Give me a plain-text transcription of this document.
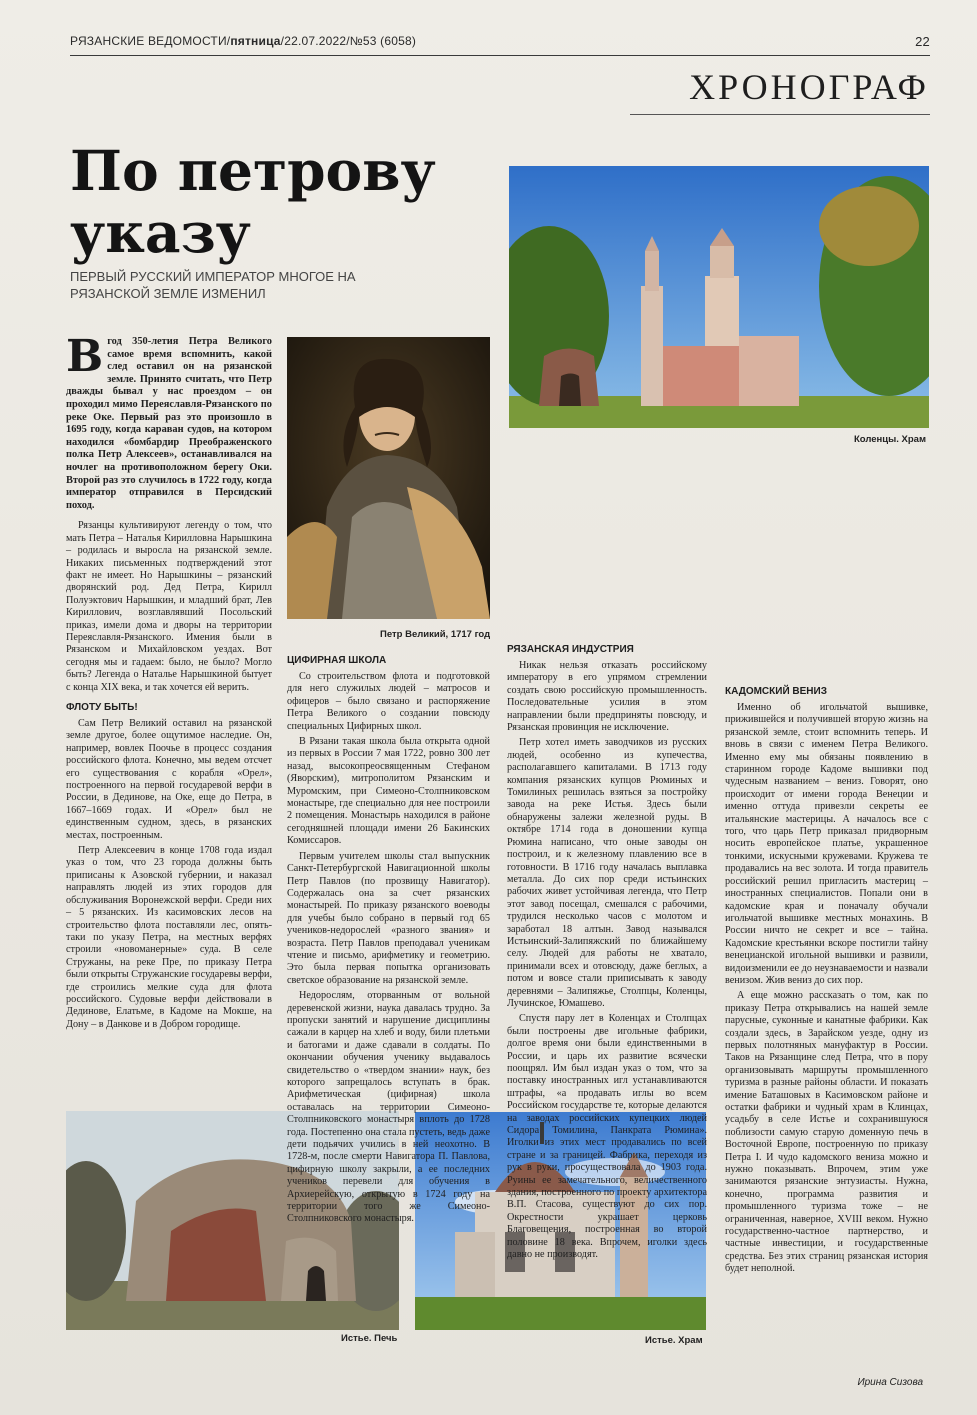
РЯЗАНСКИЕ ВЕДОМОСТИ/пятница/22.07.2022/№53 (6058)	22
ХРОНОГРАФ
По петрову указу
ПЕРВЫЙ РУССКИЙ ИМПЕРАТОР МНОГОЕ НА РЯЗАНСКОЙ ЗЕМЛЕ ИЗМЕНИЛ
Петр Великий, 1717 год
Коленцы. Храм
Истье. Печь	Истье. Храм

Вгод 350-летия Петра Великого самое время вспомнить, какой след оставил он на рязанской земле. Принято считать, что Петр дважды бывал у нас проездом – он проходил мимо Переяславля-Рязанского по реке Оке. Первый раз это произошло в 1695 году, когда караван судов, на котором находился «бомбардир Преображенского полка Петр Алексеев», останавливался на ночлег на противоположном берегу Оки. Второй раз это случилось в 1722 году, когда император отправился в Персидский поход.

Рязанцы культивируют легенду о том, что мать Петра – Наталья Кирилловна Нарышкина – родилась и выросла на рязанской земле. Никаких письменных подтверждений этот факт не имеет. Но Нарышкины – рязанский дворянский род. Дед Петра, Кирилл Полуэктович Нарышкин, и младший брат, Лев Кириллович, возглавлявший Посольский приказ, имели дома и дворы на территории Переяславля-Рязанского. Имения были в Рязанском и Михайловском уездах. Вот сегодня мы и гадаем: было, не было? Могло быть? Легенда о Наталье Нарышкиной бытует с конца XIX века, и так хочется ей верить.

ФЛОТУ БЫТЬ!

Сам Петр Великий оставил на рязанской земле другое, более ощутимое наследие. Он, например, вовлек Поочье в процесс создания российского флота. Конечно, мы ведем отсчет его существования с корабля «Орел», построенного на первой государевой верфи в России, в Дединове, на Оке, еще до Петра, в 1667–1669 годах. И «Орел» был не единственным судном, здесь, в рязанских местах, построенным.

Петр Алексеевич в конце 1708 года издал указ о том, что 23 города должны быть приписаны к Азовской губернии, и наказал направлять людей из этих городов для обслуживания Воронежской верфи. Среди них – 5 рязанских. Из касимовских лесов на строительство флота поставляли лес, опять-таки по указу Петра, на местных верфях строили «новоманерные» суда. В селе Стружаны, на реке Пре, по приказу Петра были открыты Стружанские государевы верфи, где строились мелкие суда для флота российского. Судовые верфи действовали в Дединове, Елатьме, в Кадоме на Мокше, на Дону – в Данкове и в Добром городище.

ЦИФИРНАЯ ШКОЛА

Со строительством флота и подготовкой для него служилых людей – матросов и офицеров – было связано и распоряжение Петра Великого о создании повсюду специальных Цифирных школ.

В Рязани такая школа была открыта одной из первых в России 7 мая 1722, ровно 300 лет назад, высокопреосвященным Стефаном (Яворским), митрополитом Рязанским и Муромским, при Симеоно-Столпниковском монастыре, где специально для нее построили 2 помещения. Монастырь находился в районе сегодняшней площади имени 26 Бакинских Комиссаров.

Первым учителем школы стал выпускник Санкт-Петербургской Навигационной школы Петр Павлов (по прозвищу Навигатор). Содержалась она за счет рязанских монастырей. По приказу рязанского воеводы для учебы было собрано в первый год 65 учеников-недорослей «разного звания» и возраста. Петр Павлов преподавал ученикам чтение и письмо, арифметику и геометрию. Это была первая попытка организовать светское образование на рязанской земле.

Недорослям, оторванным от вольной деревенской жизни, наука давалась трудно. За пропуски занятий и нарушение дисциплины сажали в карцер на хлеб и воду, били плетьми и батогами и даже сдавали в солдаты. По окончании обучения ученику выдавалось свидетельство о «твердом знании» наук, без которого запрещалось вступать в брак. Арифметическая (цифирная) школа оставалась на территории Симеоно-Столпниковского монастыря вплоть до 1728 года. Постепенно она стала пустеть, ведь даже дети подьячих учились в ней неохотно. В 1728-м, после смерти Навигатора П. Павлова, цифирную школу закрыли, а ее последних учеников перевели для обучения в Архиерейскую, открытую в 1724 году на территории того же Симеоно-Столпниковского монастыря.

РЯЗАНСКАЯ ИНДУСТРИЯ

Никак нельзя отказать российскому императору в его упрямом стремлении создать свою российскую промышленность. Последовательные усилия в этом направлении были предприняты повсюду, и Рязанская провинция не исключение.

Петр хотел иметь заводчиков из русских людей, особенно из купечества, располагавшего капиталами. В 1713 году компания рязанских купцов Рюминых и Томилиных решилась взяться за постройку завода на реке Истья. Здесь были обнаружены залежи железной руды. В октябре 1714 года в доношении купца Рюмина написано, что оные заводы он построил, и к железному плавлению все в готовности. В 1716 году началась выплавка металла. До сих пор среди истьинских рабочих живет устойчивая легенда, что Петр этот завод посещал, смешался с рабочими, трудился несколько часов с молотом и заработал 18 алтын. Завод назывался Истьинский-Залипяжский по ближайшему селу. Людей для работы не хватало, принимали всех и отовсюду, даже беглых, а потом и вовсе стали приписывать к заводу деревнями – Залипяжье, Столпцы, Коленцы, Лучинское, Юмашево.

Спустя пару лет в Коленцах и Столпцах были построены две игольные фабрики, долгое время они были единственными в России, и царь их развитие всячески поощрял. Им был издан указ о том, что за поставку иностранных игл устанавливаются штрафы, «а продавать иглы во всем Российском государстве те, которые делаются на заводах российских купецких людей Сидора Томилина, Панкрата Рюмина». Иголки из этих мест продавались по всей стране и за границей. Фабрика, переходя из рук в руки, просуществовала до 1903 года. Руины ее замечательного, величественного здания, построенного по проекту архитектора В.П. Стасова, существуют до сих пор. Окрестности украшает церковь Благовещения, построенная во второй половине 18 века. Впрочем, иголки здесь давно не производят.

КАДОМСКИЙ ВЕНИЗ

Именно об игольчатой вышивке, прижившейся и получившей вторую жизнь на рязанской земле, стоит вспомнить теперь. И вновь в связи с именем Петра Великого. Именно ему мы обязаны появлению в старинном городе Кадоме вышивки под чудесным названием – вениз. Говорят, оно происходит от имени города Венеции и именно оттуда привезли секреты ее итальянские мастерицы. А началось все с того, что царь Петр приказал придворным носить европейское платье, украшенное тонкими, искусными кружевами. Кружева те продавались на вес золота. И тогда правитель российский решил пригласить мастериц – иностранных специалистов. Попали они в кадомские края и поначалу обучали игольчатой вышивке местных монахинь. В России ничто не секрет и все – тайна. Кадомские крестьянки вскоре постигли тайну венецианской игольной вышивки и развили, видоизменили ее до неузнаваемости и назвали венизом. Жив вениз до сих пор.

А еще можно рассказать о том, как по приказу Петра открывались на нашей земле парусные, суконные и канатные фабрики. Как создали здесь, в Зарайском уезде, одну из первых полотняных мануфактур в России. Таков на Рязанщине след Петра, что в пору организовывать маршруты промышленного туризма в разные районы области. И показать имение Баташовых в Касимовском районе и остатки фабрики и чудный храм в Клинцах, усадьбу в селе Истье и сохранившуюся поблизости самую старую доменную печь в Восточной Европе, построенную по приказу Петра I. И чудо кадомского вениза можно и нужно показывать. Впрочем, этим уже занимаются рязанские энтузиасты. Нужна, конечно, программа развития и промышленного туризма тоже – не ограниченная, наверное, XVIII веком. Нужно государственно-частное партнерство, и частные инвестиции, и государственные средства. Без этих страниц рязанская история будет неполной.

Ирина Сизова
